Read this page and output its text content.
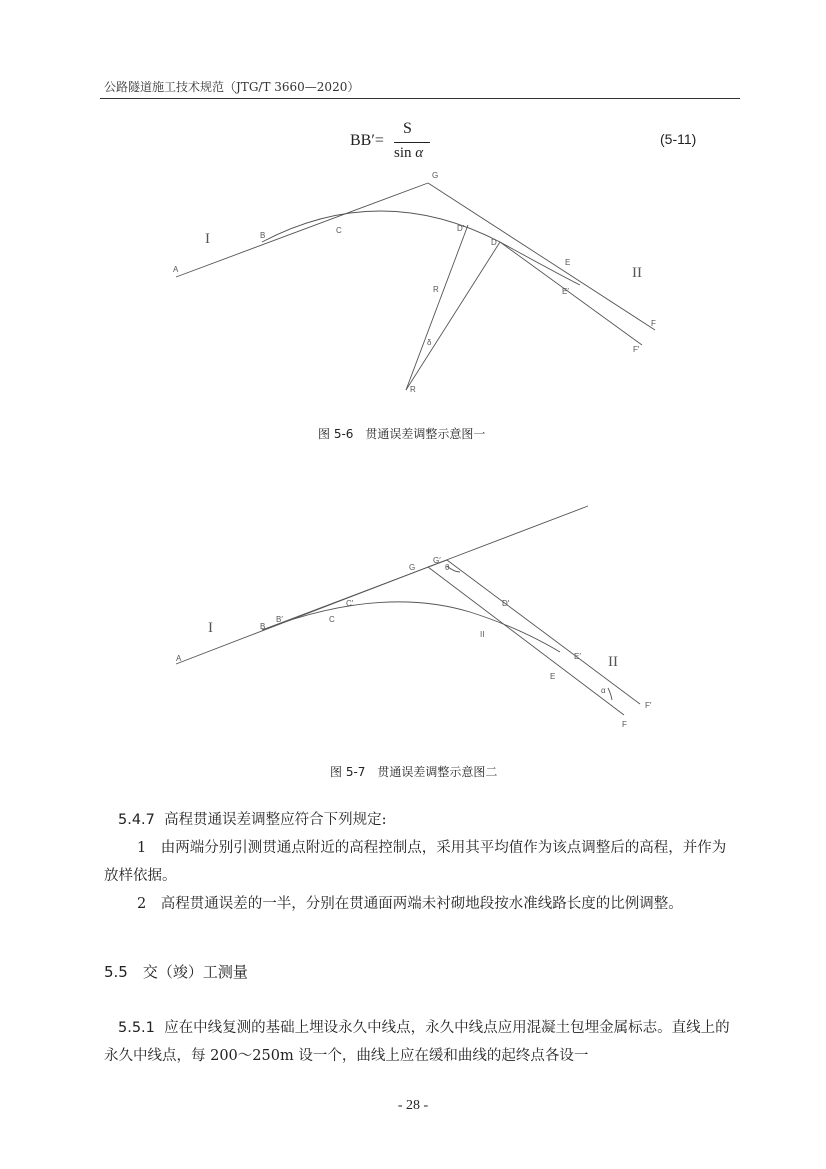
公路隧道施工技术规范（JTG/T 3660—2020）
BB′=
S
sin α
(5-11)
A
B
C
G
D′
D
E
E′
F
F′
R
δ
R
I
II
图 5-6　贯通误差调整示意图一
A
B
B′	C
C′
G
G′
θ
D′
II
E′
E
α
F′
F
I
II
图 5-7　贯通误差调整示意图二
5.4.7 高程贯通误差调整应符合下列规定:
1　由两端分别引测贯通点附近的高程控制点，采用其平均值作为该点调整后的高程，并作为放样依据。
2　高程贯通误差的一半，分别在贯通面两端未衬砌地段按水准线路长度的比例调整。
5.5　交（竣）工测量
5.5.1 应在中线复测的基础上埋设永久中线点，永久中线点应用混凝土包埋金属标志。直线上的永久中线点，每 200～250m 设一个，曲线上应在缓和曲线的起终点各设一
- 28 -
